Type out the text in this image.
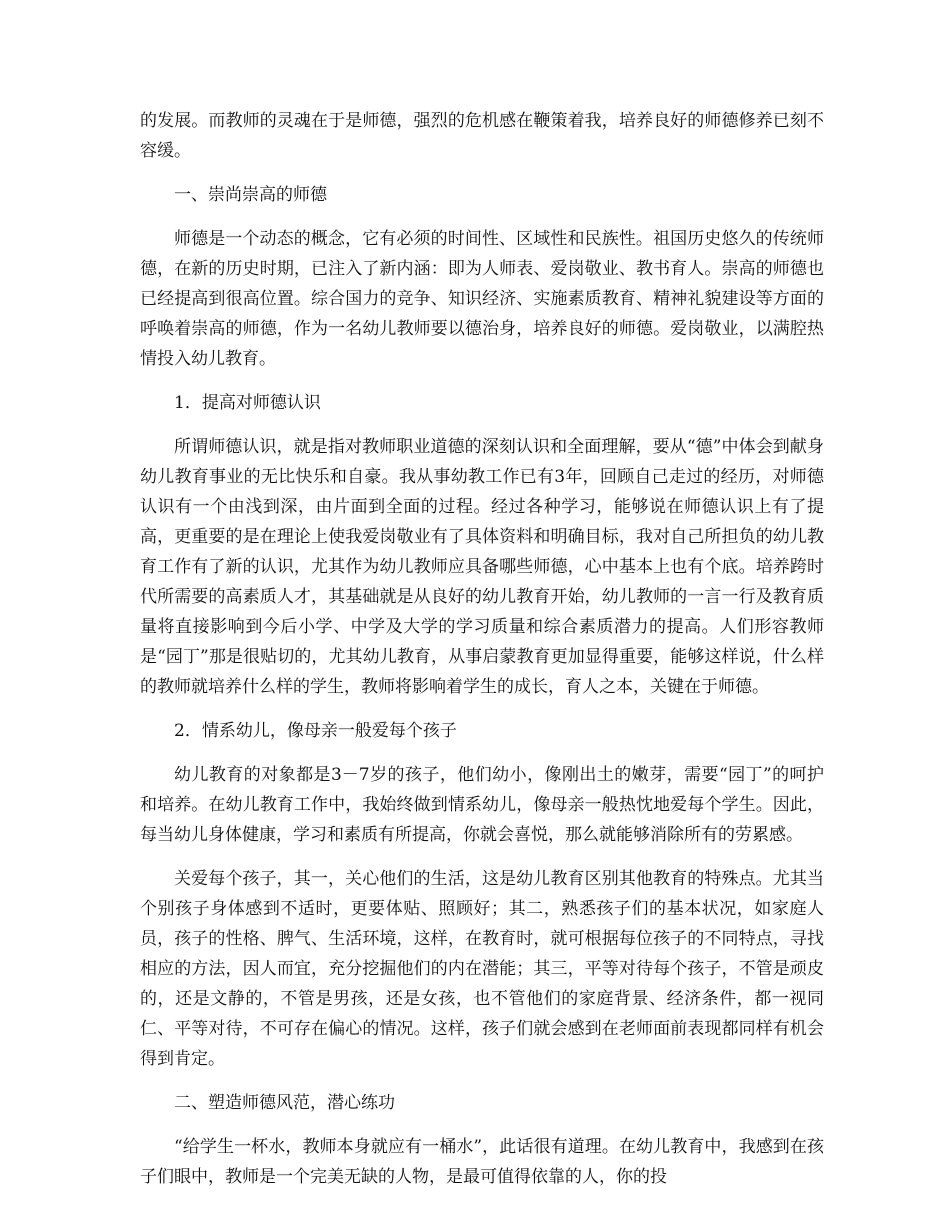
的发展。而教师的灵魂在于是师德，强烈的危机感在鞭策着我，培养良好的师德修养已刻不容缓。

一、崇尚崇高的师德

师德是一个动态的概念，它有必须的时间性、区域性和民族性。祖国历史悠久的传统师德，在新的历史时期，已注入了新内涵：即为人师表、爱岗敬业、教书育人。崇高的师德也已经提高到很高位置。综合国力的竞争、知识经济、实施素质教育、精神礼貌建设等方面的呼唤着崇高的师德，作为一名幼儿教师要以德治身，培养良好的师德。爱岗敬业，以满腔热情投入幼儿教育。

1．提高对师德认识

所谓师德认识，就是指对教师职业道德的深刻认识和全面理解，要从“德”中体会到献身幼儿教育事业的无比快乐和自豪。我从事幼教工作已有3年，回顾自己走过的经历，对师德认识有一个由浅到深，由片面到全面的过程。经过各种学习，能够说在师德认识上有了提高，更重要的是在理论上使我爱岗敬业有了具体资料和明确目标，我对自己所担负的幼儿教育工作有了新的认识，尤其作为幼儿教师应具备哪些师德，心中基本上也有个底。培养跨时代所需要的高素质人才，其基础就是从良好的幼儿教育开始，幼儿教师的一言一行及教育质量将直接影响到今后小学、中学及大学的学习质量和综合素质潜力的提高。人们形容教师是“园丁”那是很贴切的，尤其幼儿教育，从事启蒙教育更加显得重要，能够这样说，什么样的教师就培养什么样的学生，教师将影响着学生的成长，育人之本，关键在于师德。

2．情系幼儿，像母亲一般爱每个孩子

幼儿教育的对象都是3－7岁的孩子，他们幼小，像刚出土的嫩芽，需要“园丁”的呵护和培养。在幼儿教育工作中，我始终做到情系幼儿，像母亲一般热忱地爱每个学生。因此，每当幼儿身体健康，学习和素质有所提高，你就会喜悦，那么就能够消除所有的劳累感。

关爱每个孩子，其一，关心他们的生活，这是幼儿教育区别其他教育的特殊点。尤其当个别孩子身体感到不适时，更要体贴、照顾好；其二，熟悉孩子们的基本状况，如家庭人员，孩子的性格、脾气、生活环境，这样，在教育时，就可根据每位孩子的不同特点，寻找相应的方法，因人而宜，充分挖掘他们的内在潜能；其三，平等对待每个孩子，不管是顽皮的，还是文静的，不管是男孩，还是女孩，也不管他们的家庭背景、经济条件，都一视同仁、平等对待，不可存在偏心的情况。这样，孩子们就会感到在老师面前表现都同样有机会得到肯定。

二、塑造师德风范，潜心练功

“给学生一杯水，教师本身就应有一桶水”，此话很有道理。在幼儿教育中，我感到在孩子们眼中，教师是一个完美无缺的人物，是最可值得依靠的人，你的投
